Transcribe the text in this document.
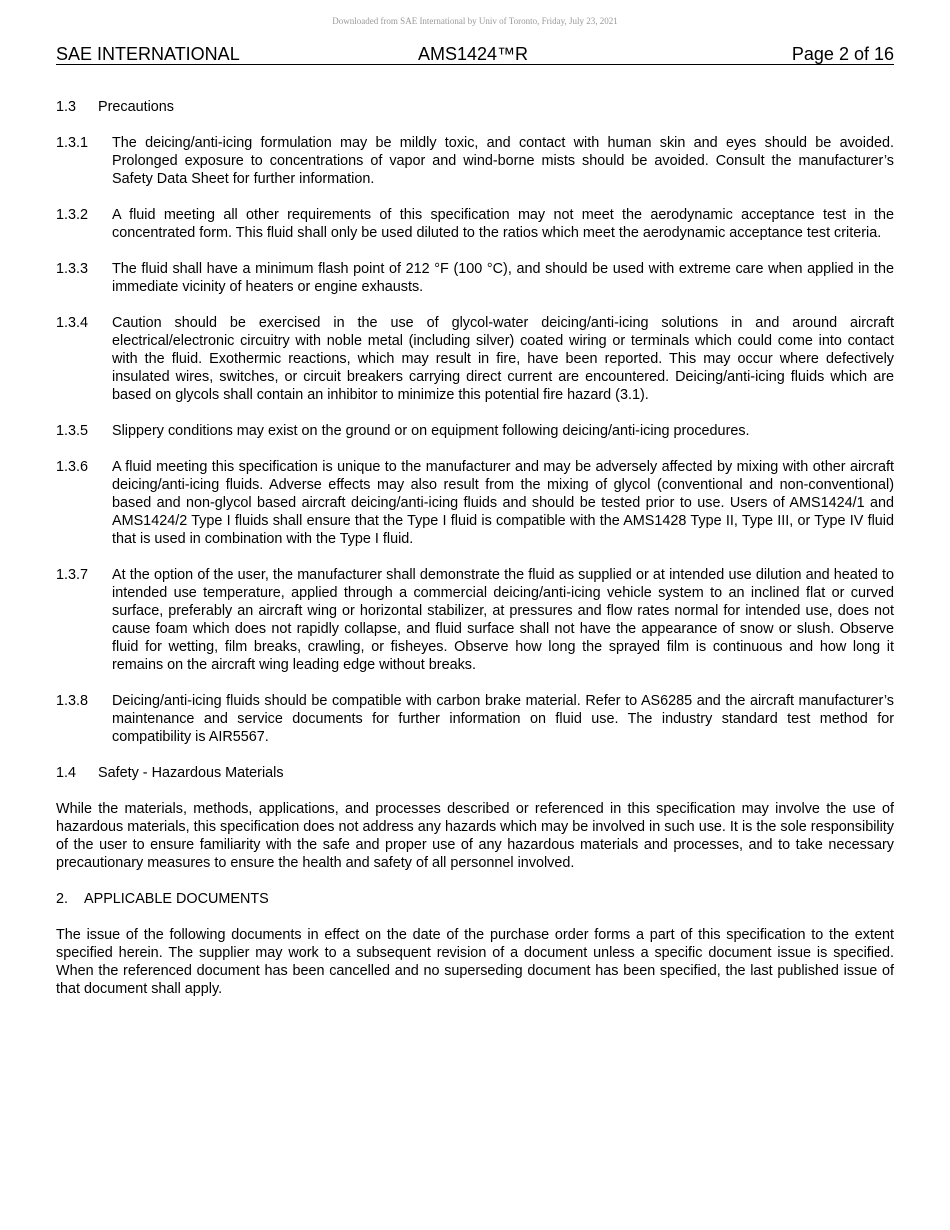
Downloaded from SAE International by Univ of Toronto, Friday, July 23, 2021
SAE INTERNATIONAL	AMS1424™R	Page 2 of 16
1.3 Precautions
1.3.1	The deicing/anti-icing formulation may be mildly toxic, and contact with human skin and eyes should be avoided. Prolonged exposure to concentrations of vapor and wind-borne mists should be avoided. Consult the manufacturer’s Safety Data Sheet for further information.
1.3.2	A fluid meeting all other requirements of this specification may not meet the aerodynamic acceptance test in the concentrated form. This fluid shall only be used diluted to the ratios which meet the aerodynamic acceptance test criteria.
1.3.3	The fluid shall have a minimum flash point of 212 °F (100 °C), and should be used with extreme care when applied in the immediate vicinity of heaters or engine exhausts.
1.3.4	Caution should be exercised in the use of glycol-water deicing/anti-icing solutions in and around aircraft electrical/electronic circuitry with noble metal (including silver) coated wiring or terminals which could come into contact with the fluid. Exothermic reactions, which may result in fire, have been reported. This may occur where defectively insulated wires, switches, or circuit breakers carrying direct current are encountered. Deicing/anti-icing fluids which are based on glycols shall contain an inhibitor to minimize this potential fire hazard (3.1).
1.3.5	Slippery conditions may exist on the ground or on equipment following deicing/anti-icing procedures.
1.3.6	A fluid meeting this specification is unique to the manufacturer and may be adversely affected by mixing with other aircraft deicing/anti-icing fluids. Adverse effects may also result from the mixing of glycol (conventional and non-conventional) based and non-glycol based aircraft deicing/anti-icing fluids and should be tested prior to use. Users of AMS1424/1 and AMS1424/2 Type I fluids shall ensure that the Type I fluid is compatible with the AMS1428 Type II, Type III, or Type IV fluid that is used in combination with the Type I fluid.
1.3.7	At the option of the user, the manufacturer shall demonstrate the fluid as supplied or at intended use dilution and heated to intended use temperature, applied through a commercial deicing/anti-icing vehicle system to an inclined flat or curved surface, preferably an aircraft wing or horizontal stabilizer, at pressures and flow rates normal for intended use, does not cause foam which does not rapidly collapse, and fluid surface shall not have the appearance of snow or slush. Observe fluid for wetting, film breaks, crawling, or fisheyes. Observe how long the sprayed film is continuous and how long it remains on the aircraft wing leading edge without breaks.
1.3.8	Deicing/anti-icing fluids should be compatible with carbon brake material. Refer to AS6285 and the aircraft manufacturer’s maintenance and service documents for further information on fluid use. The industry standard test method for compatibility is AIR5567.
1.4 Safety - Hazardous Materials
While the materials, methods, applications, and processes described or referenced in this specification may involve the use of hazardous materials, this specification does not address any hazards which may be involved in such use. It is the sole responsibility of the user to ensure familiarity with the safe and proper use of any hazardous materials and processes, and to take necessary precautionary measures to ensure the health and safety of all personnel involved.
2. APPLICABLE DOCUMENTS
The issue of the following documents in effect on the date of the purchase order forms a part of this specification to the extent specified herein. The supplier may work to a subsequent revision of a document unless a specific document issue is specified. When the referenced document has been cancelled and no superseding document has been specified, the last published issue of that document shall apply.
